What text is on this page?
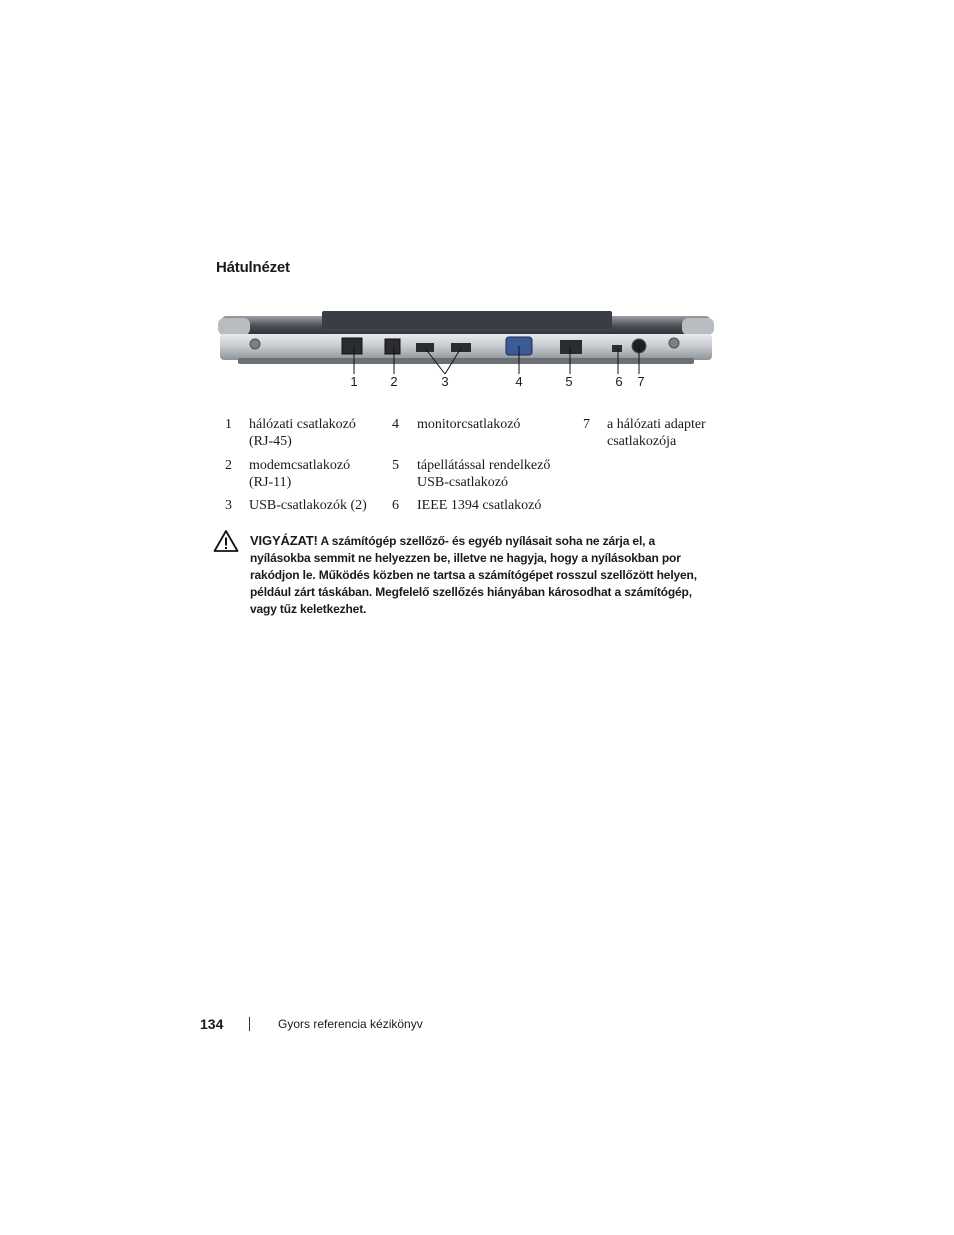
Hátulnézet
1	2	3	4	5	6 7
1 hálózati csatlakozó (RJ-45)
2 modemcsatlakozó (RJ-11)
3 USB-csatlakozók (2)
4 monitorcsatlakozó
5 tápellátással rendelkező USB-csatlakozó
6 IEEE 1394 csatlakozó
7 a hálózati adapter csatlakozója
VIGYÁZAT! A számítógép szellőző- és egyéb nyílásait soha ne zárja el, a nyílásokba semmit ne helyezzen be, illetve ne hagyja, hogy a nyílásokban por rakódjon le. Működés közben ne tartsa a számítógépet rosszul szellőzött helyen, például zárt táskában. Megfelelő szellőzés hiányában károsodhat a számítógép, vagy tűz keletkezhet.
134	Gyors referencia kézikönyv
